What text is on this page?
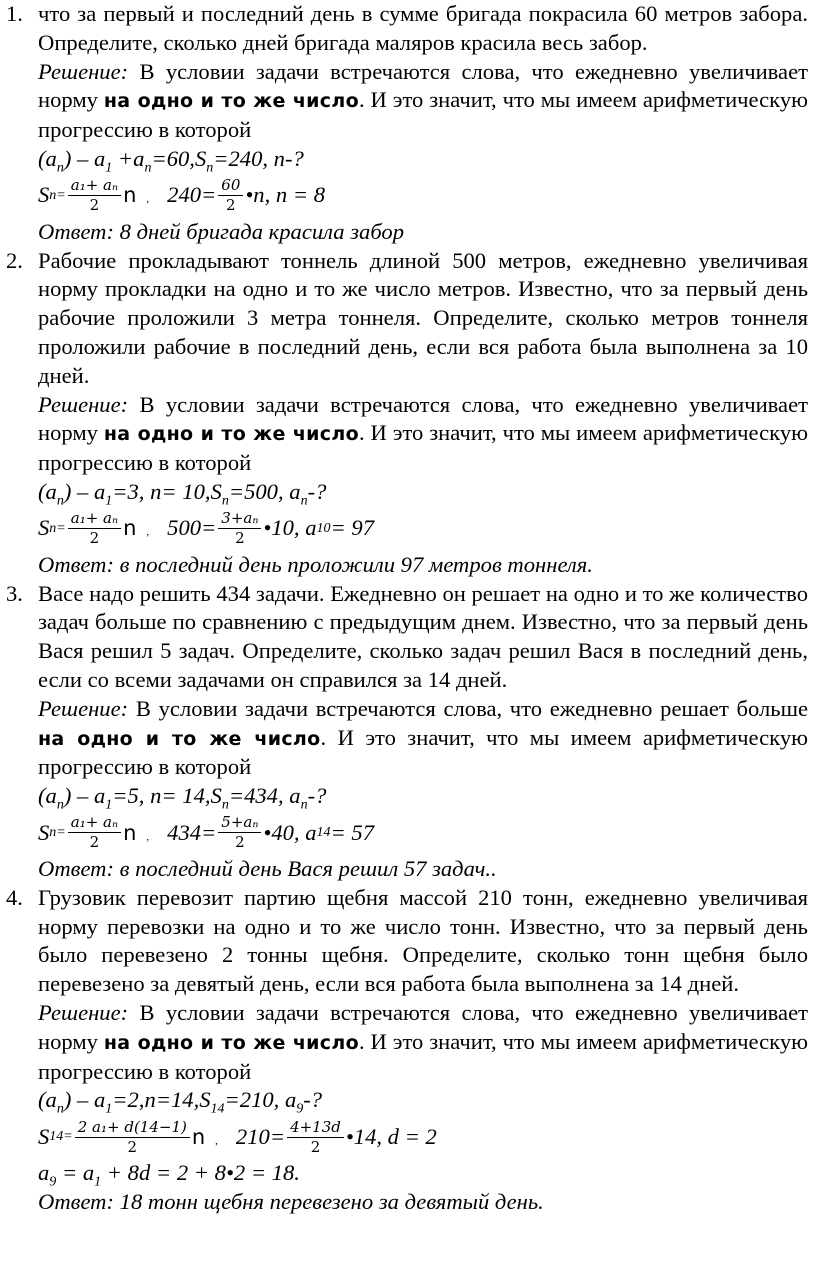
1. что за первый и последний день в сумме бригада покрасила 60 метров забора. Определите, сколько дней бригада маляров красила весь забор.
Решение: В условии задачи встречаются слова, что ежедневно увеличивает норму на одно и то же число. И это значит, что мы имеем арифметическую прогрессию в которой
$(a_n) - a_1 +a_n=60,S_n=240$, n-?
S $n= \frac{\text{a₁+ aₙ}}{2}$ n , $240= \frac{60}{2}$ •n, n = 8
Ответ: 8 дней бригада красила забор
2. Рабочие прокладывают тоннель длиной 500 метров, ежедневно увеличивая норму прокладки на одно и то же число метров. Известно, что за первый день рабочие проложили 3 метра тоннеля. Определите, сколько метров тоннеля проложили рабочие в последний день, если вся работа была выполнена за 10 дней.
Решение: В условии задачи встречаются слова, что ежедневно увеличивает норму на одно и то же число. И это значит, что мы имеем арифметическую прогрессию в которой
$(a_n) - a_1=3$, $n= 10,S_n=500$, $a_n-$?
S $n= \frac{\text{a₁+ aₙ}}{2}$ n , $500= \frac{\text{3+aₙ}}{2}$ •10, a 10 = 97
Ответ: в последний день проложили 97 метров тоннеля.
3. Васе надо решить 434 задачи. Ежедневно он решает на одно и то же количество задач больше по сравнению с предыдущим днем. Известно, что за первый день Вася решил 5 задач. Определите, сколько задач решил Вася в последний день, если со всеми задачами он справился за 14 дней.
Решение: В условии задачи встречаются слова, что ежедневно решает больше на одно и то же число. И это значит, что мы имеем арифметическую прогрессию в которой
$(a_n) - a_1=5$, $n= 14,S_n=434$, $a_n-$?
S $n= \frac{\text{a₁+ aₙ}}{2}$ n , $434= \frac{\text{5+aₙ}}{2}$ •40, a 14 = 57
Ответ: в последний день Вася решил 57 задач..
4. Грузовик перевозит партию щебня массой 210 тонн, ежедневно увеличивая норму перевозки на одно и то же число тонн. Известно, что за первый день было перевезено 2 тонны щебня. Определите, сколько тонн щебня было перевезено за девятый день, если вся работа была выполнена за 14 дней.
Решение: В условии задачи встречаются слова, что ежедневно увеличивает норму на одно и то же число. И это значит, что мы имеем арифметическую прогрессию в которой
$(a_n) - a_1=2,n=14,S_{14}=210$, $a_9-$?
S $14= \frac{\text{2 a₁+ d(14−1)}}{2}$ n , $210= \frac{4+13d}{2}$ •14, d = 2
$a_9 = a_1 + 8d = 2$ + 8•2 = 18.
Ответ: 18 тонн щебня перевезено за девятый день.
